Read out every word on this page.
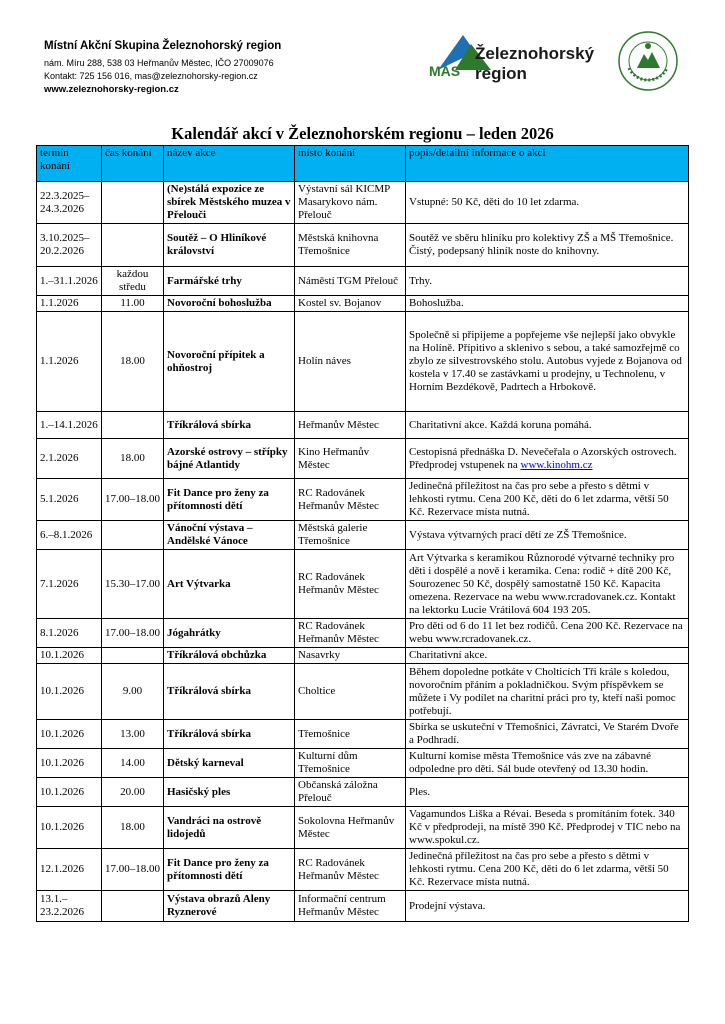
Místní Akční Skupina Železnohorský region
nám. Míru 288, 538 03 Heřmanův Městec, IČO 27009076
Kontakt: 725 156 016, mas@zeleznohorsky-region.cz
www.zeleznohorsky-region.cz
MAS
Železnohorský
region
Kalendář akcí v Železnohorském regionu – leden 2026
termín konání	čas konání	název akce	místo konání	popis/detailní informace o akci
22.3.2025–24.3.2026		(Ne)stálá expozice ze sbírek Městského muzea v Přelouči	Výstavní sál KICMP Masarykovo nám. Přelouč	Vstupné: 50 Kč, děti do 10 let zdarma.
3.10.2025–20.2.2026		Soutěž – O Hliníkové království	Městská knihovna Třemošnice	Soutěž ve sběru hliníku pro kolektivy ZŠ a MŠ Třemošnice. Čistý, podepsaný hliník noste do knihovny.
1.–31.1.2026	každou středu	Farmářské trhy	Náměstí TGM Přelouč	Trhy.
1.1.2026	11.00	Novoroční bohoslužba	Kostel sv. Bojanov	Bohoslužba.
1.1.2026	18.00	Novoroční přípitek a ohňostroj	Holín náves	Společně si připijeme a popřejeme vše nejlepší jako obvykle na Holíně. Přípitivo a sklenivo s sebou, a také samozřejmě co zbylo ze silvestrovského stolu. Autobus vyjede z Bojanova od kostela v 17.40 se zastávkami u prodejny, u Technolenu, v Horním Bezdékově, Padrtech a Hrbokově.
1.–14.1.2026		Tříkrálová sbírka	Heřmanův Městec	Charitativní akce. Každá koruna pomáhá.
2.1.2026	18.00	Azorské ostrovy – střípky bájné Atlantidy	Kino Heřmanův Městec	Cestopisná přednáška D. Nevečeřala o Azorských ostrovech. Předprodej vstupenek na www.kinohm.cz
5.1.2026	17.00–18.00	Fit Dance pro ženy za přítomnosti dětí	RC Radovánek Heřmanův Městec	Jedinečná příležitost na čas pro sebe a přesto s dětmi v lehkosti rytmu. Cena 200 Kč, děti do 6 let zdarma, větší 50 Kč. Rezervace místa nutná.
6.–8.1.2026		Vánoční výstava – Andělské Vánoce	Městská galerie Třemošnice	Výstava výtvarných prací dětí ze ZŠ Třemošnice.
7.1.2026	15.30–17.00	Art Výtvarka	RC Radovánek Heřmanův Městec	Art Výtvarka s keramikou Různorodé výtvarné techniky pro děti i dospělé a nově i keramika. Cena: rodič + dítě 200 Kč, Sourozenec 50 Kč, dospělý samostatně 150 Kč. Kapacita omezena. Rezervace na webu www.rcradovanek.cz. Kontakt na lektorku Lucie Vrátilová 604 193 205.
8.1.2026	17.00–18.00	Jógahrátky	RC Radovánek Heřmanův Městec	Pro děti od 6 do 11 let bez rodičů. Cena 200 Kč. Rezervace na webu www.rcradovanek.cz.
10.1.2026		Tříkrálová obchůzka	Nasavrky	Charitativní akce.
10.1.2026	9.00	Tříkrálová sbírka	Choltice	Během dopoledne potkáte v Cholticích Tři krále s koledou, novoročním přáním a pokladničkou. Svým příspěvkem se můžete i Vy podílet na charitní práci pro ty, kteří naši pomoc potřebují.
10.1.2026	13.00	Tříkrálová sbírka	Třemošnice	Sbírka se uskuteční v Třemošnici, Závratci, Ve Starém Dvoře a Podhradí.
10.1.2026	14.00	Dětský karneval	Kulturní dům Třemošnice	Kulturní komise města Třemošnice vás zve na zábavné odpoledne pro děti. Sál bude otevřený od 13.30 hodin.
10.1.2026	20.00	Hasičský ples	Občanská záložna Přelouč	Ples.
10.1.2026	18.00	Vandráci na ostrově lidojedů	Sokolovna Heřmanův Městec	Vagamundos Liška a Révai. Beseda s promítáním fotek. 340 Kč v předprodeji, na místě 390 Kč. Předprodej v TIC nebo na www.spokul.cz.
12.1.2026	17.00–18.00	Fit Dance pro ženy za přítomnosti dětí	RC Radovánek Heřmanův Městec	Jedinečná příležitost na čas pro sebe a přesto s dětmi v lehkosti rytmu. Cena 200 Kč, děti do 6 let zdarma, větší 50 Kč. Rezervace místa nutná.
13.1.–23.2.2026		Výstava obrazů Aleny Ryznerové	Informační centrum Heřmanův Městec	Prodejní výstava.
